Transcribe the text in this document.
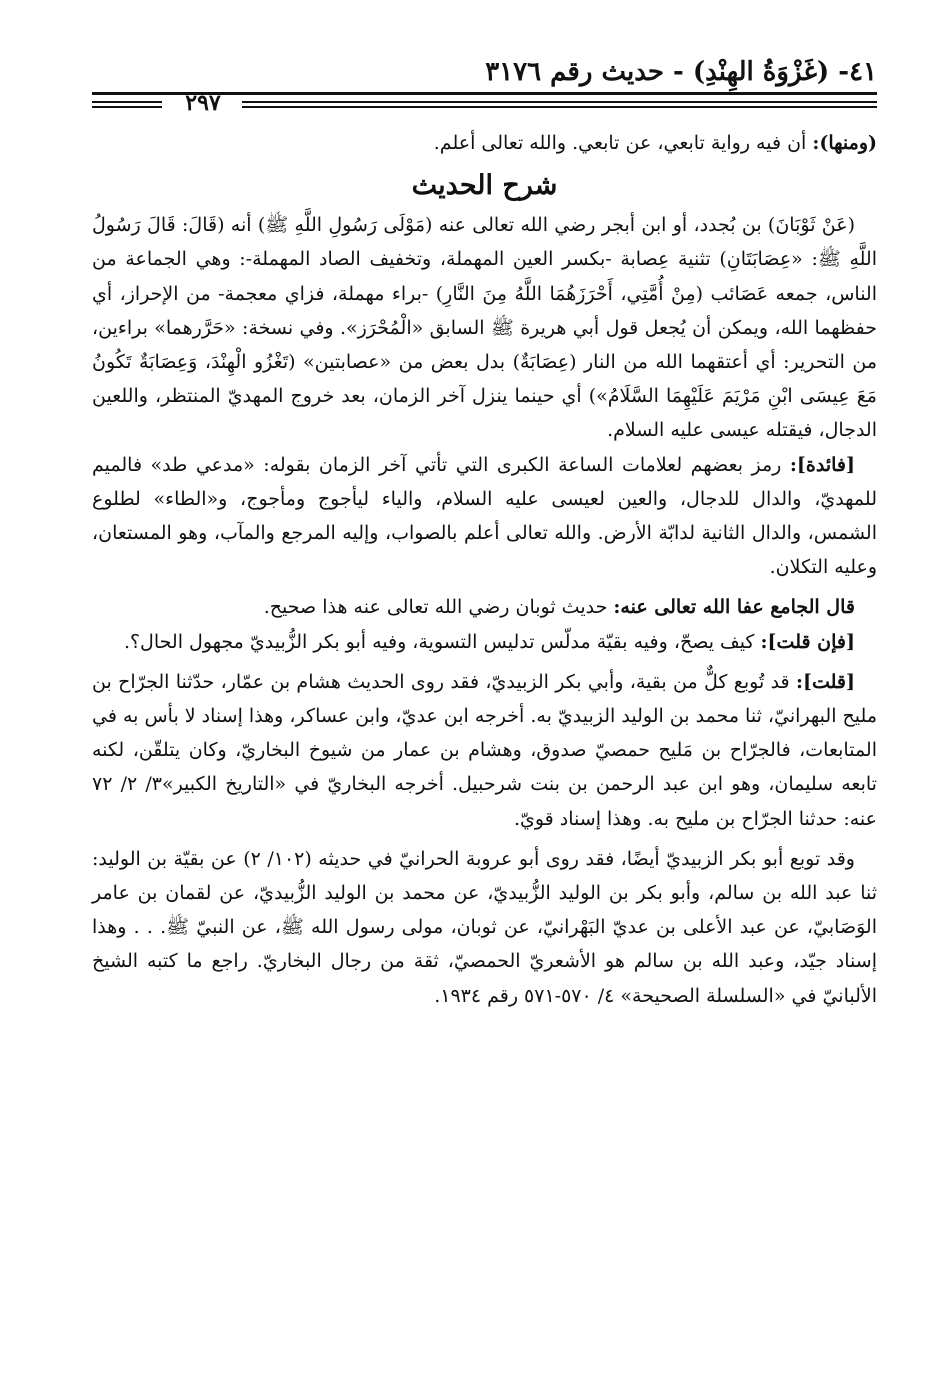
٤١- (غَزْوَةُ الهِنْدِ) - حديث رقم ٣١٧٦
٢٩٧

(ومنها): أن فيه رواية تابعي، عن تابعي. والله تعالى أعلم.

شرح الحديث

(عَنْ ثَوْبَانَ) بن بُجدد، أو ابن أبجر رضي الله تعالى عنه (مَوْلَى رَسُولِ اللَّهِ ﷺ) أنه (قَالَ: قَالَ رَسُولُ اللَّهِ ﷺ: «عِصَابَتَانِ) تثنية عِصابة -بكسر العين المهملة، وتخفيف الصاد المهملة-: وهي الجماعة من الناس، جمعه عَصَائب (مِنْ أُمَّتِي، أَحْرَزَهُمَا اللَّهُ مِنَ النَّارِ) -براء مهملة، فزاي معجمة- من الإحراز، أي حفظهما الله، ويمكن أن يُجعل قول أبي هريرة ﷺ السابق «الْمُحْرَز». وفي نسخة: «حَرَّرهما» براءين، من التحرير: أي أعتقهما الله من النار (عِصَابَةٌ) بدل بعض من «عصابتين» (تَغْزُو الْهِنْدَ، وَعِصَابَةٌ تَكُونُ مَعَ عِيسَى ابْنِ مَرْيَمَ عَلَيْهِمَا السَّلَامُ») أي حينما ينزل آخر الزمان، بعد خروج المهديّ المنتظر، واللعين الدجال، فيقتله عيسى عليه السلام.

[فائدة]: رمز بعضهم لعلامات الساعة الكبرى التي تأتي آخر الزمان بقوله: «مدعي طد» فالميم للمهديّ، والدال للدجال، والعين لعيسى عليه السلام، والياء ليأجوج ومأجوج، و«الطاء» لطلوع الشمس، والدال الثانية لدابّة الأرض. والله تعالى أعلم بالصواب، وإليه المرجع والمآب، وهو المستعان، وعليه التكلان.

قال الجامع عفا الله تعالى عنه: حديث ثوبان رضي الله تعالى عنه هذا صحيح.

[فإن قلت]: كيف يصحّ، وفيه بقيّة مدلّس تدليس التسوية، وفيه أبو بكر الزُّبيديّ مجهول الحال؟.

[قلت]: قد تُوبع كلٌّ من بقية، وأبي بكر الزبيديّ، فقد روى الحديث هشام بن عمّار، حدّثنا الجرّاح بن مليح البهرانيّ، ثنا محمد بن الوليد الزبيديّ به. أخرجه ابن عديّ، وابن عساكر، وهذا إسناد لا بأس به في المتابعات، فالجرّاح بن مَليح حمصيّ صدوق، وهشام بن عمار من شيوخ البخاريّ، وكان يتلقّن، لكنه تابعه سليمان، وهو ابن عبد الرحمن بن بنت شرحبيل. أخرجه البخاريّ في «التاريخ الكبير»٣/ ٢/ ٧٢ عنه: حدثنا الجرّاح بن مليح به. وهذا إسناد قويّ.

وقد توبع أبو بكر الزبيديّ أيضًا، فقد روى أبو عروبة الحرانيّ في حديثه (١٠٢/ ٢) عن بقيّة بن الوليد: ثنا عبد الله بن سالم، وأبو بكر بن الوليد الزُّبيديّ، عن محمد بن الوليد الزُّبيديّ، عن لقمان بن عامر الوَصَابيّ، عن عبد الأعلى بن عديّ البَهْرانيّ، عن ثوبان، مولى رسول الله ﷺ، عن النبيّ ﷺ. . . وهذا إسناد جيّد، وعبد الله بن سالم هو الأشعريّ الحمصيّ، ثقة من رجال البخاريّ. راجع ما كتبه الشيخ الألبانيّ في «السلسلة الصحيحة» ٤/ ٥٧٠-٥٧١ رقم ١٩٣٤.
